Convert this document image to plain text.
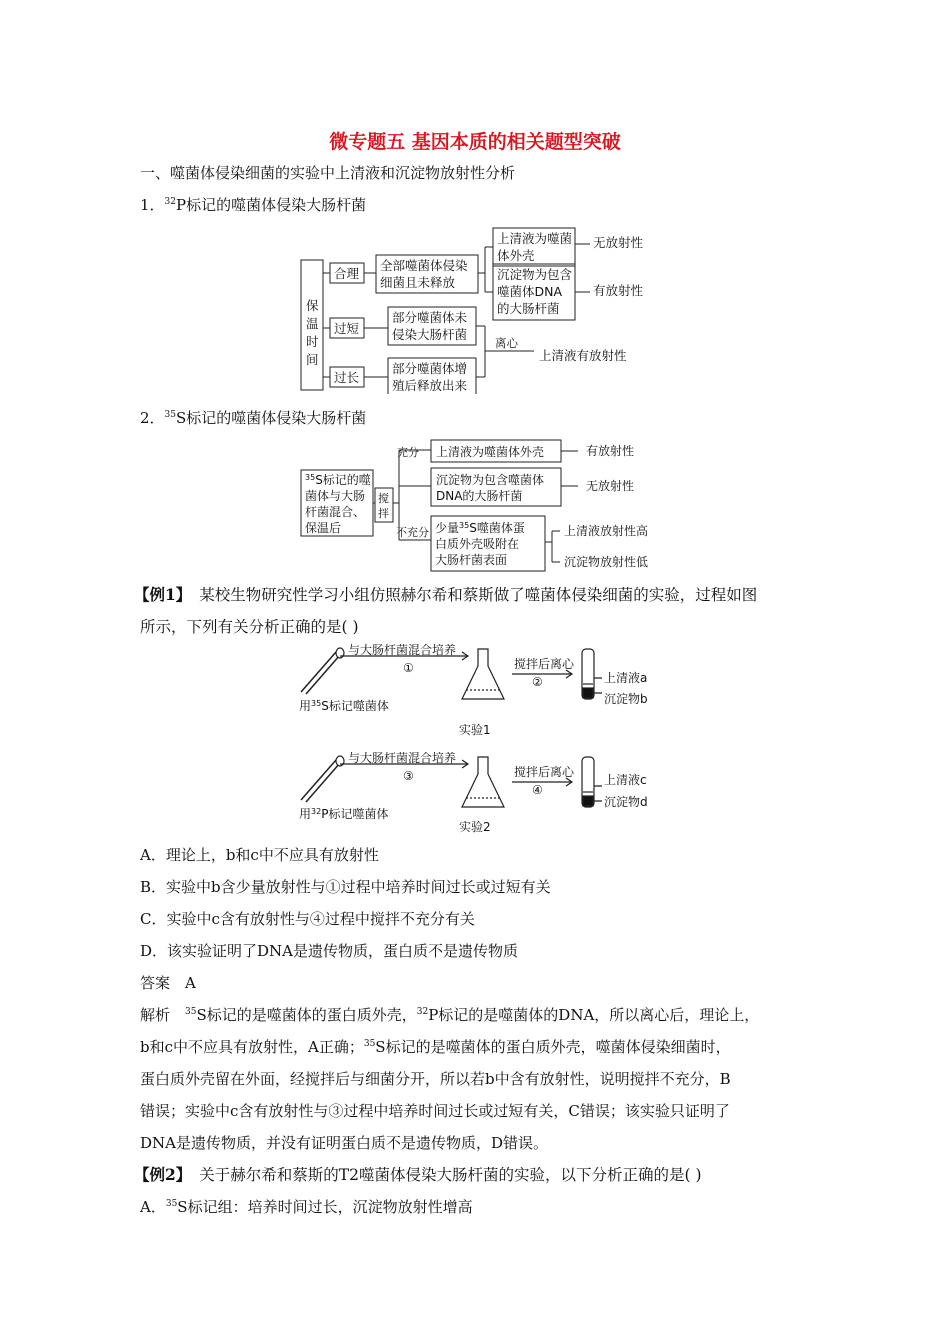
微专题五 基因本质的相关题型突破
一、噬菌体侵染细菌的实验中上清液和沉淀物放射性分析
1．$^{32}$P标记的噬菌体侵染大肠杆菌
保
温
时
间
合理
过短
过长
全部噬菌体侵染
细菌且未释放
上清液为噬菌
体外壳
沉淀物为包含
噬菌体DNA
的大肠杆菌
无放射性
有放射性
部分噬菌体未
侵染大肠杆菌
部分噬菌体增
殖后释放出来
离心
上清液有放射性
2．$^{35}$S标记的噬菌体侵染大肠杆菌
$^{35}$S标记的噬
菌体与大肠
杆菌混合、
保温后
搅
拌
充分
不充分
上清液为噬菌体外壳
沉淀物为包含噬菌体
DNA的大肠杆菌
少量$^{35}$S噬菌体蛋
白质外壳吸附在
大肠杆菌表面
有放射性
无放射性
上清液放射性高
沉淀物放射性低
【例1】 某校生物研究性学习小组仿照赫尔希和蔡斯做了噬菌体侵染细菌的实验，过程如图
所示，下列有关分析正确的是( )
与大肠杆菌混合培养
①	搅拌后离心
②
用$^{35}$S标记噬菌体
上清液a
沉淀物b
实验1
与大肠杆菌混合培养
③	搅拌后离心
④
用$^{32}$P标记噬菌体
上清液c
沉淀物d
实验2
A．理论上，b和c中不应具有放射性
B．实验中b含少量放射性与①过程中培养时间过长或过短有关
C．实验中c含有放射性与④过程中搅拌不充分有关
D．该实验证明了DNA是遗传物质，蛋白质不是遗传物质
答案　A
解析　$^{35}$S标记的是噬菌体的蛋白质外壳，$^{32}$P标记的是噬菌体的DNA，所以离心后，理论上，
b和c中不应具有放射性，A正确；$^{35}$S标记的是噬菌体的蛋白质外壳，噬菌体侵染细菌时，
蛋白质外壳留在外面，经搅拌后与细菌分开，所以若b中含有放射性，说明搅拌不充分，B
错误；实验中c含有放射性与③过程中培养时间过长或过短有关，C错误；该实验只证明了
DNA是遗传物质，并没有证明蛋白质不是遗传物质，D错误。
【例2】 关于赫尔希和蔡斯的T2噬菌体侵染大肠杆菌的实验，以下分析正确的是( )
A．$^{35}$S标记组：培养时间过长，沉淀物放射性增高
